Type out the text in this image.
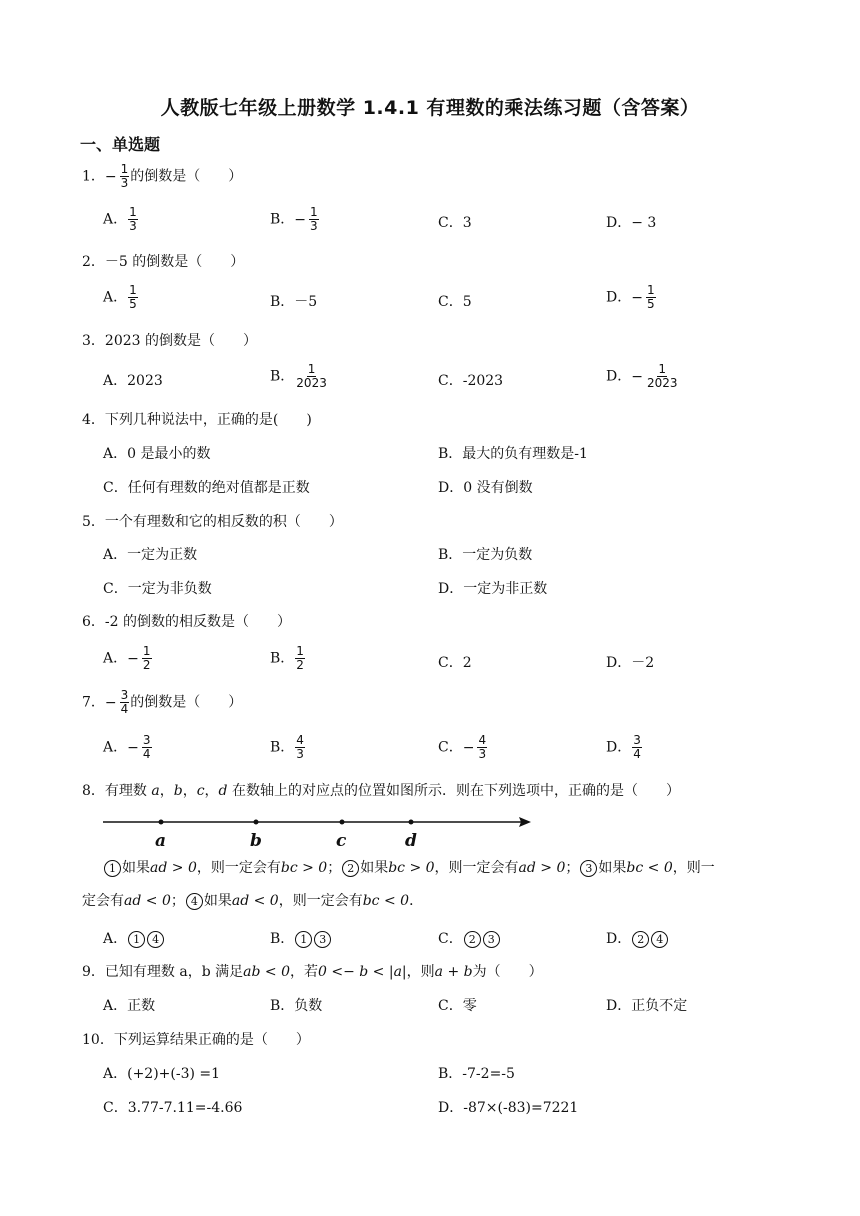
人教版七年级上册数学 1.4.1 有理数的乘法练习题（含答案）
一、单选题
1．− $\frac{1}{3}$ 的倒数是（　　）
A． $\frac{1}{3}$	B．− $\frac{1}{3}$	C．3	D．− 3
2．－5 的倒数是（　　）
A． $\frac{1}{5}$	B．－5	C．5	D．− $\frac{1}{5}$
3．2023 的倒数是（　　）
A．2023	B． $\frac{1}{2023}$	C．-2023	D．− $\frac{1}{2023}$
4．下列几种说法中，正确的是(　　)
A．0 是最小的数	B．最大的负有理数是-1
C．任何有理数的绝对值都是正数	D．0 没有倒数
5．一个有理数和它的相反数的积（　　）
A．一定为正数	B．一定为负数
C．一定为非负数	D．一定为非正数
6．-2 的倒数的相反数是（　　）
A．− $\frac{1}{2}$	B． $\frac{1}{2}$	C．2	D．－2
7．− $\frac{3}{4}$ 的倒数是（　　）
A．− $\frac{3}{4}$	B． $\frac{4}{3}$	C．− $\frac{4}{3}$	D． $\frac{3}{4}$
8．有理数 a，b，c，d 在数轴上的对应点的位置如图所示．则在下列选项中，正确的是（　　）
a	b	c	d
1 如果ad > 0，则一定会有bc > 0； 2 如果bc > 0，则一定会有ad > 0； 3 如果bc < 0，则一
定会有ad < 0； 4 如果ad < 0，则一定会有bc < 0．
A． 1 4	B． 1 3	C． 2 3	D． 2 4
9．已知有理数 a，b 满足ab < 0，若0 <− b < |a|，则a + b为（　　）
A．正数	B．负数	C．零	D．正负不定
10．下列运算结果正确的是（　　）
A．(+2)+(-3) =1	B．-7-2=-5
C．3.77-7.11=-4.66	D．-87×(-83)=7221
